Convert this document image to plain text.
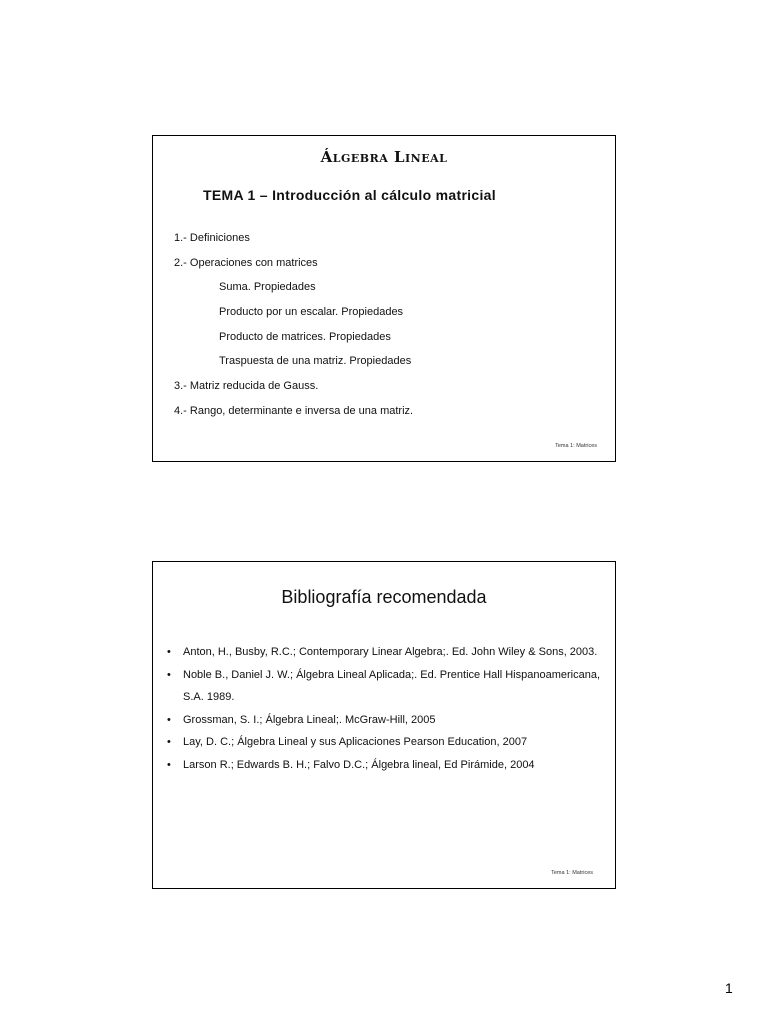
Álgebra Lineal
TEMA 1 – Introducción al cálculo matricial
1.- Definiciones
2.- Operaciones con matrices
Suma. Propiedades
Producto por un escalar. Propiedades
Producto de matrices. Propiedades
Traspuesta de una matriz. Propiedades
3.- Matriz reducida de Gauss.
4.- Rango, determinante e inversa de una matriz.
Tema 1: Matrices
Bibliografía recomendada
• Anton, H., Busby, R.C.; Contemporary Linear Algebra;. Ed. John Wiley & Sons, 2003.
• Noble B., Daniel J. W.; Álgebra Lineal Aplicada;. Ed. Prentice Hall Hispanoamericana, S.A. 1989.
• Grossman, S. I.; Álgebra Lineal;. McGraw-Hill, 2005
• Lay, D. C.; Álgebra Lineal y sus Aplicaciones Pearson Education, 2007
• Larson R.; Edwards B. H.; Falvo D.C.; Álgebra lineal, Ed Pirámide, 2004
Tema 1: Matrices
1
